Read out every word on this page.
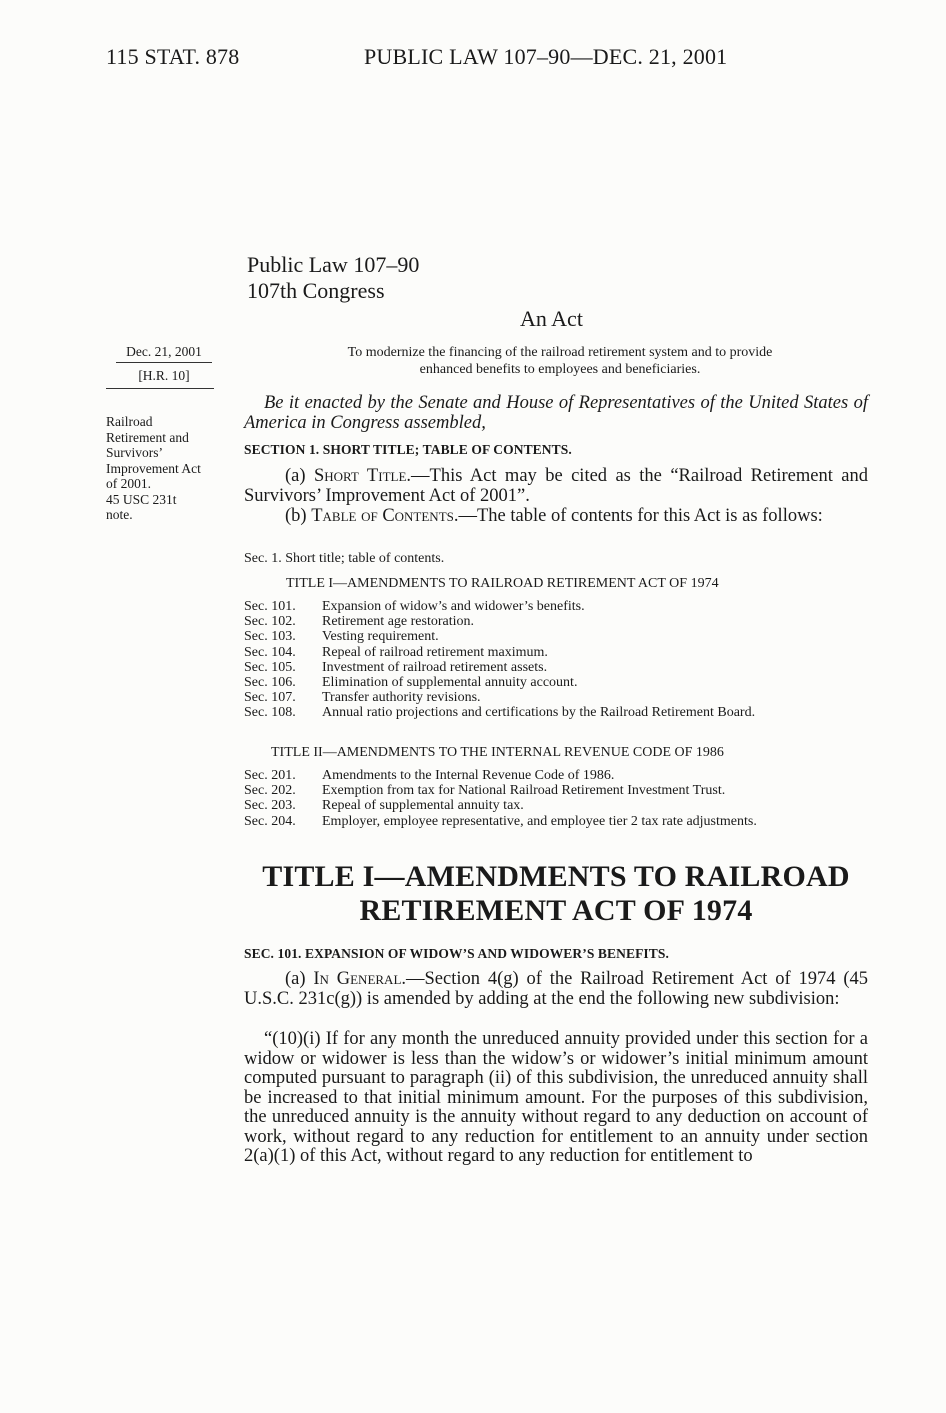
115 STAT. 878	PUBLIC LAW 107–90—DEC. 21, 2001
Public Law 107–90
107th Congress
An Act
Dec. 21, 2001
[H.R. 10]
Railroad
Retirement and
Survivors’
Improvement Act
of 2001.
45 USC 231t
note.
To modernize the financing of the railroad retirement system and to provide
enhanced benefits to employees and beneficiaries.
Be it enacted by the Senate and House of Representatives of the United States of America in Congress assembled,
SECTION 1. SHORT TITLE; TABLE OF CONTENTS.
(a) Short Title.—This Act may be cited as the “Railroad Retirement and Survivors’ Improvement Act of 2001”.
(b) Table of Contents.—The table of contents for this Act is as follows:
Sec. 1. Short title; table of contents.
TITLE I—AMENDMENTS TO RAILROAD RETIREMENT ACT OF 1974
Sec. 101.	Expansion of widow’s and widower’s benefits.
Sec. 102.	Retirement age restoration.
Sec. 103.	Vesting requirement.
Sec. 104.	Repeal of railroad retirement maximum.
Sec. 105.	Investment of railroad retirement assets.
Sec. 106.	Elimination of supplemental annuity account.
Sec. 107.	Transfer authority revisions.
Sec. 108.	Annual ratio projections and certifications by the Railroad Retirement Board.
TITLE II—AMENDMENTS TO THE INTERNAL REVENUE CODE OF 1986
Sec. 201.	Amendments to the Internal Revenue Code of 1986.
Sec. 202.	Exemption from tax for National Railroad Retirement Investment Trust.
Sec. 203.	Repeal of supplemental annuity tax.
Sec. 204.	Employer, employee representative, and employee tier 2 tax rate adjustments.
TITLE I—AMENDMENTS TO RAILROAD
RETIREMENT ACT OF 1974
SEC. 101. EXPANSION OF WIDOW’S AND WIDOWER’S BENEFITS.
(a) In General.—Section 4(g) of the Railroad Retirement Act of 1974 (45 U.S.C. 231c(g)) is amended by adding at the end the following new subdivision:
“(10)(i) If for any month the unreduced annuity provided under this section for a widow or widower is less than the widow’s or widower’s initial minimum amount computed pursuant to paragraph (ii) of this subdivision, the unreduced annuity shall be increased to that initial minimum amount. For the purposes of this subdivision, the unreduced annuity is the annuity without regard to any deduction on account of work, without regard to any reduction for entitlement to an annuity under section 2(a)(1) of this Act, without regard to any reduction for entitlement to
